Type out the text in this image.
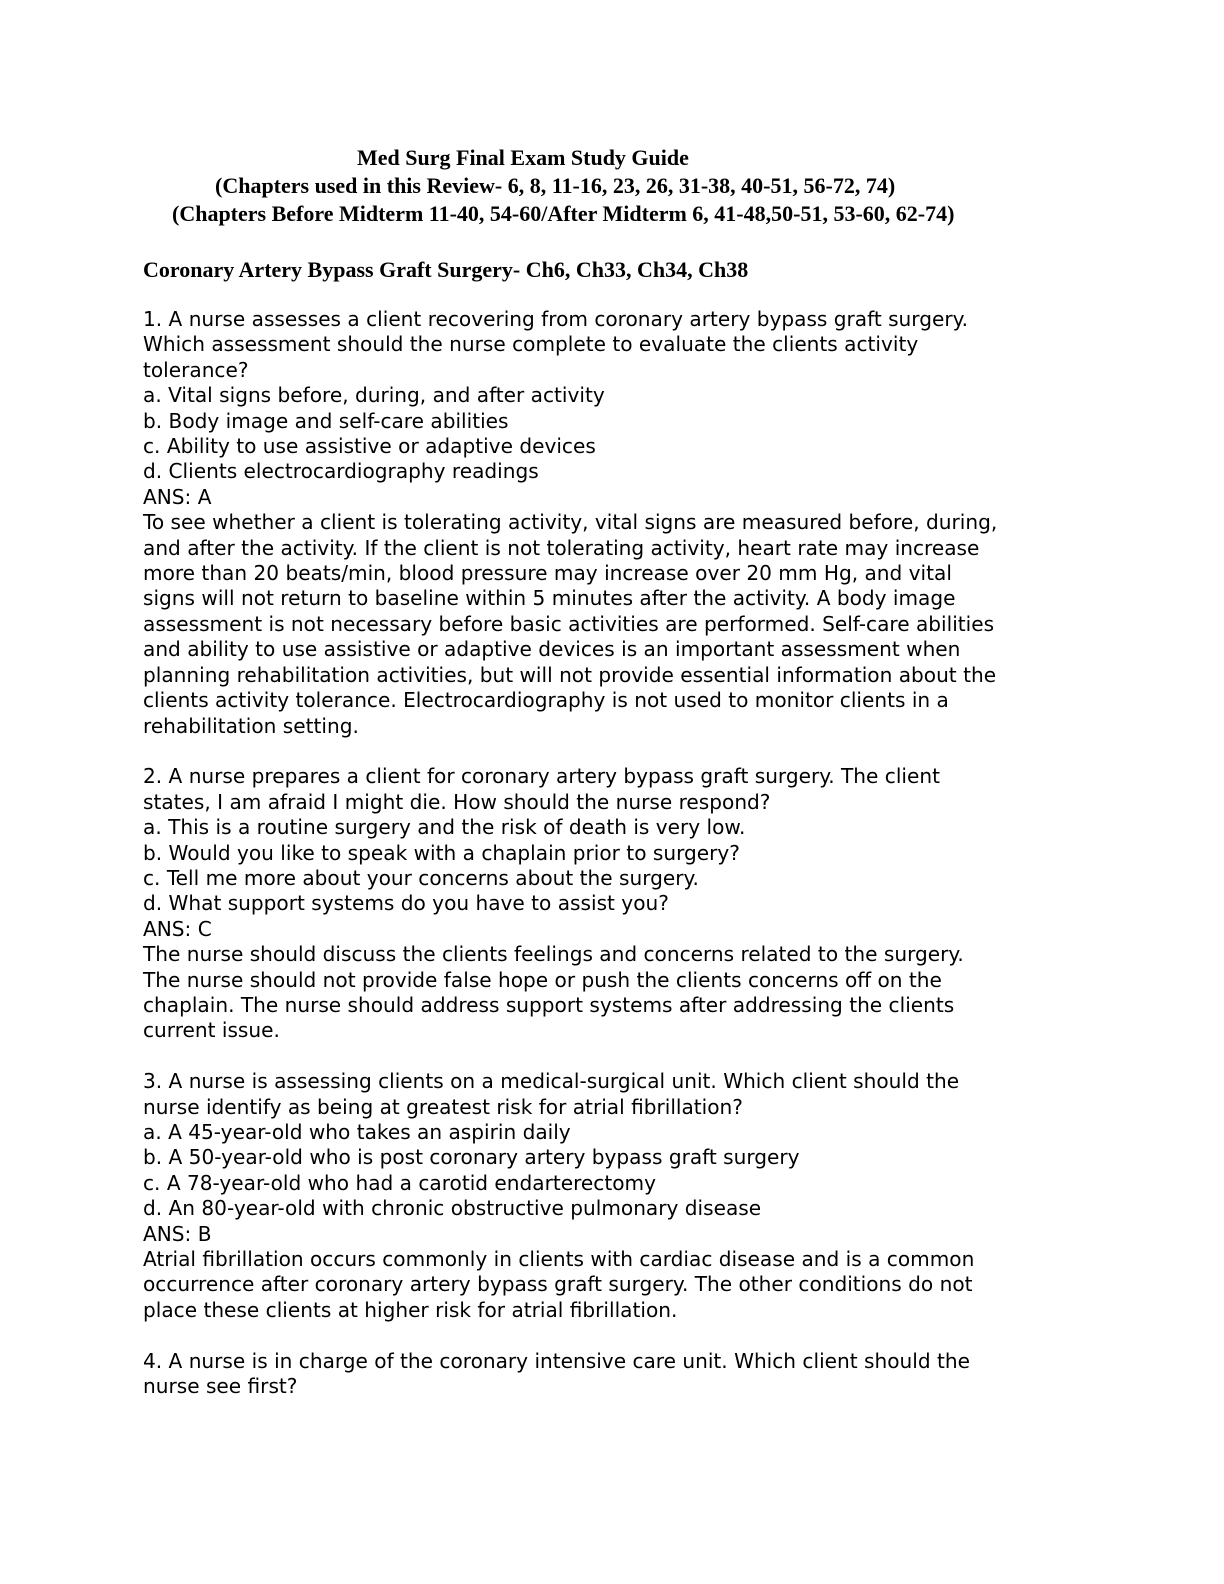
Med Surg Final Exam Study Guide
(Chapters used in this Review- 6, 8, 11-16, 23, 26, 31-38, 40-51, 56-72, 74)
(Chapters Before Midterm 11-40, 54-60/After Midterm 6, 41-48,50-51, 53-60, 62-74)
Coronary Artery Bypass Graft Surgery- Ch6, Ch33, Ch34, Ch38
1. A nurse assesses a client recovering from coronary artery bypass graft surgery.
Which assessment should the nurse complete to evaluate the clients activity
tolerance?
a. Vital signs before, during, and after activity
b. Body image and self-care abilities
c. Ability to use assistive or adaptive devices
d. Clients electrocardiography readings
ANS: A
To see whether a client is tolerating activity, vital signs are measured before, during,
and after the activity. If the client is not tolerating activity, heart rate may increase
more than 20 beats/min, blood pressure may increase over 20 mm Hg, and vital
signs will not return to baseline within 5 minutes after the activity. A body image
assessment is not necessary before basic activities are performed. Self-care abilities
and ability to use assistive or adaptive devices is an important assessment when
planning rehabilitation activities, but will not provide essential information about the
clients activity tolerance. Electrocardiography is not used to monitor clients in a
rehabilitation setting.
2. A nurse prepares a client for coronary artery bypass graft surgery. The client
states, I am afraid I might die. How should the nurse respond?
a. This is a routine surgery and the risk of death is very low.
b. Would you like to speak with a chaplain prior to surgery?
c. Tell me more about your concerns about the surgery.
d. What support systems do you have to assist you?
ANS: C
The nurse should discuss the clients feelings and concerns related to the surgery.
The nurse should not provide false hope or push the clients concerns off on the
chaplain. The nurse should address support systems after addressing the clients
current issue.
3. A nurse is assessing clients on a medical-surgical unit. Which client should the
nurse identify as being at greatest risk for atrial fibrillation?
a. A 45-year-old who takes an aspirin daily
b. A 50-year-old who is post coronary artery bypass graft surgery
c. A 78-year-old who had a carotid endarterectomy
d. An 80-year-old with chronic obstructive pulmonary disease
ANS: B
Atrial fibrillation occurs commonly in clients with cardiac disease and is a common
occurrence after coronary artery bypass graft surgery. The other conditions do not
place these clients at higher risk for atrial fibrillation.
4. A nurse is in charge of the coronary intensive care unit. Which client should the
nurse see first?
